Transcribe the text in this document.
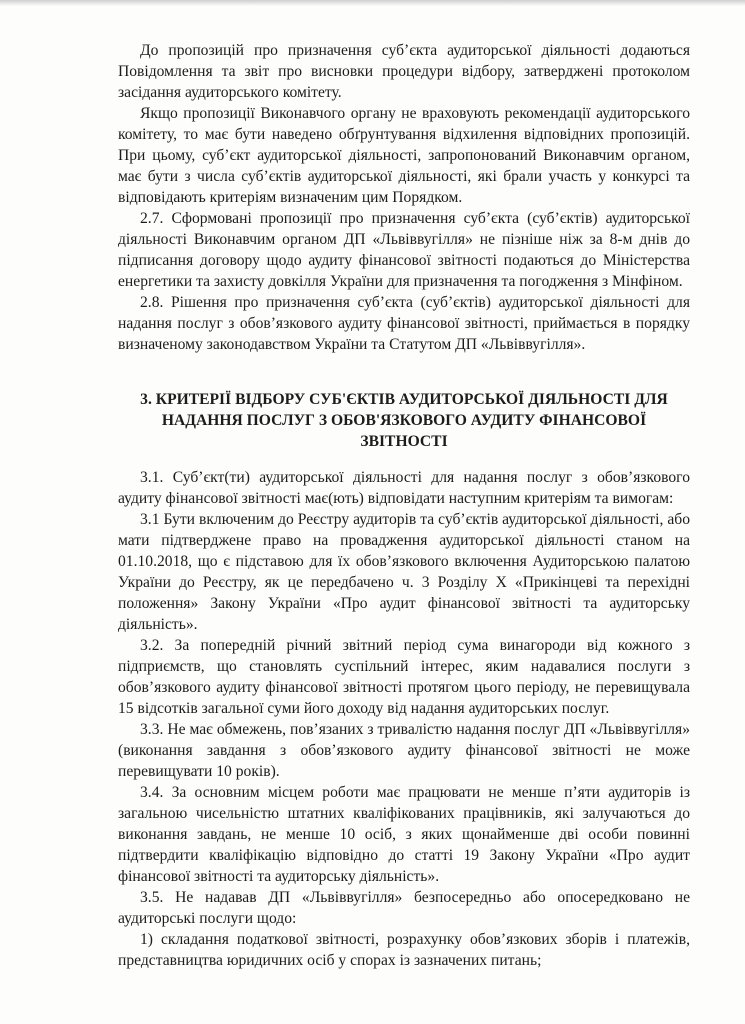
До пропозицій про призначення суб’єкта аудиторської діяльності додаються Повідомлення та звіт про висновки процедури відбору, затверджені протоколом засідання аудиторського комітету.

Якщо пропозиції Виконавчого органу не враховують рекомендації аудиторського комітету, то має бути наведено обґрунтування відхилення відповідних пропозицій. При цьому, суб’єкт аудиторської діяльності, запропонований Виконавчим органом, має бути з числа суб’єктів аудиторської діяльності, які брали участь у конкурсі та відповідають критеріям визначеним цим Порядком.

2.7. Сформовані пропозиції про призначення суб’єкта (суб’єктів) аудиторської діяльності Виконавчим органом ДП «Львіввугілля» не пізніше ніж за 8-м днів до підписання договору щодо аудиту фінансової звітності подаються до Міністерства енергетики та захисту довкілля України для призначення та погодження з Мінфіном.

2.8. Рішення про призначення суб’єкта (суб’єктів) аудиторської діяльності для надання послуг з обов’язкового аудиту фінансової звітності, приймається в порядку визначеному законодавством України та Статутом ДП «Львіввугілля».

3. КРИТЕРІЇ ВІДБОРУ СУБ'ЄКТІВ АУДИТОРСЬКОЇ ДІЯЛЬНОСТІ ДЛЯ
НАДАННЯ ПОСЛУГ З ОБОВ'ЯЗКОВОГО АУДИТУ ФІНАНСОВОЇ ЗВІТНОСТІ

3.1. Суб’єкт(ти) аудиторської діяльності для надання послуг з обов’язкового аудиту фінансової звітності має(ють) відповідати наступним критеріям та вимогам:

3.1 Бути включеним до Реєстру аудиторів та суб’єктів аудиторської діяльності, або мати підтверджене право на провадження аудиторської діяльності станом на 01.10.2018, що є підставою для їх обов’язкового включення Аудиторською палатою України до Реєстру, як це передбачено ч. 3 Розділу Х «Прикінцеві та перехідні положення» Закону України «Про аудит фінансової звітності та аудиторську діяльність».

3.2. За попередній річний звітний період сума винагороди від кожного з підприємств, що становлять суспільний інтерес, яким надавалися послуги з обов’язкового аудиту фінансової звітності протягом цього періоду, не перевищувала 15 відсотків загальної суми його доходу від надання аудиторських послуг.

3.3. Не має обмежень, пов’язаних з тривалістю надання послуг ДП «Львіввугілля» (виконання завдання з обов’язкового аудиту фінансової звітності не може перевищувати 10 років).

3.4. За основним місцем роботи має працювати не менше п’яти аудиторів із загальною чисельністю штатних кваліфікованих працівників, які залучаються до виконання завдань, не менше 10 осіб, з яких щонайменше дві особи повинні підтвердити кваліфікацію відповідно до статті 19 Закону України «Про аудит фінансової звітності та аудиторську діяльність».

3.5. Не надавав ДП «Львіввугілля» безпосередньо або опосередковано не аудиторські послуги щодо:

1) складання податкової звітності, розрахунку обов’язкових зборів і платежів, представництва юридичних осіб у спорах із зазначених питань;
